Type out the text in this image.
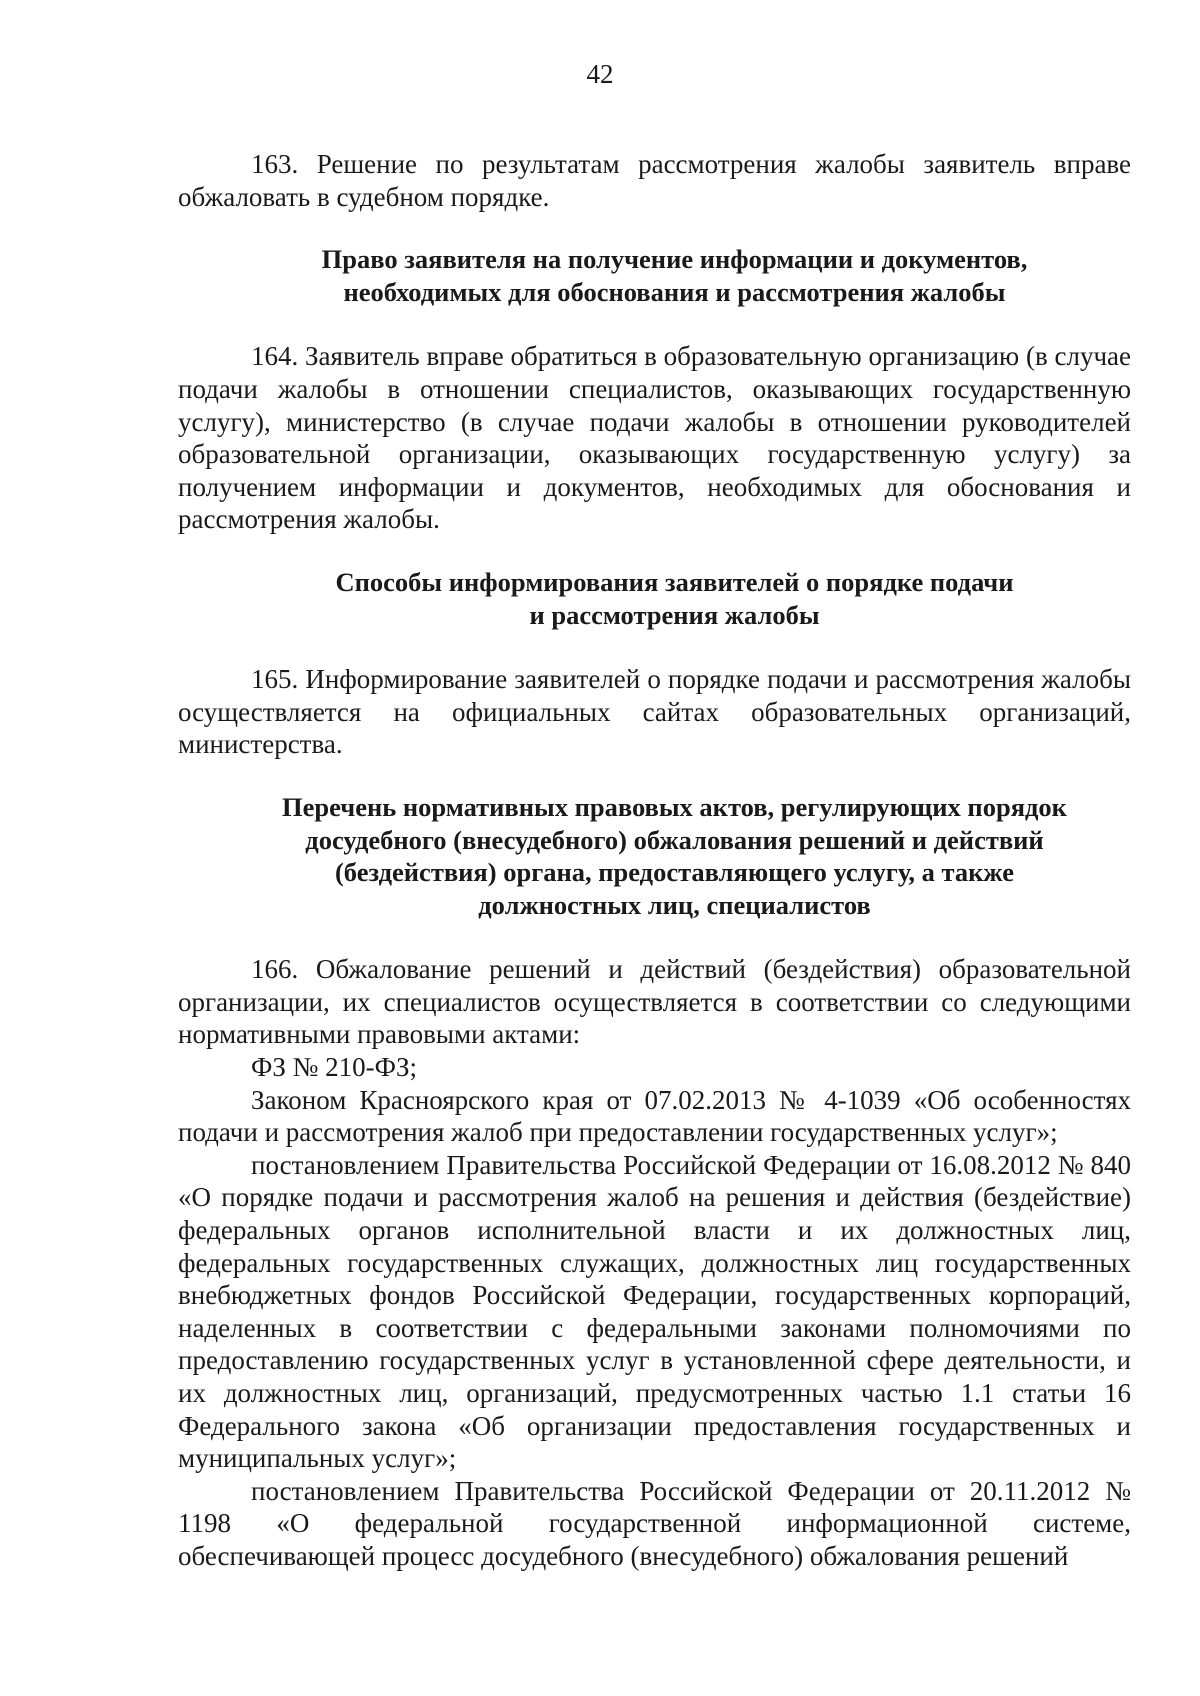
42

163. Решение по результатам рассмотрения жалобы заявитель вправе обжаловать в судебном порядке.

Право заявителя на получение информации и документов,
необходимых для обоснования и рассмотрения жалобы

164. Заявитель вправе обратиться в образовательную организацию (в случае подачи жалобы в отношении специалистов, оказывающих государственную услугу), министерство (в случае подачи жалобы в отношении руководителей образовательной организации, оказывающих государственную услугу) за получением информации и документов, необходимых для обоснования и рассмотрения жалобы.

Способы информирования заявителей о порядке подачи
и рассмотрения жалобы

165. Информирование заявителей о порядке подачи и рассмотрения жалобы осуществляется на официальных сайтах образовательных организаций, министерства.

Перечень нормативных правовых актов, регулирующих порядок
досудебного (внесудебного) обжалования решений и действий
(бездействия) органа, предоставляющего услугу, а также
должностных лиц, специалистов

166. Обжалование решений и действий (бездействия) образовательной организации, их специалистов осуществляется в соответствии со следующими нормативными правовыми актами:

ФЗ № 210-ФЗ;

Законом Красноярского края от 07.02.2013 № 4-1039 «Об особенностях подачи и рассмотрения жалоб при предоставлении государственных услуг»;

постановлением Правительства Российской Федерации от 16.08.2012 № 840 «О порядке подачи и рассмотрения жалоб на решения и действия (бездействие) федеральных органов исполнительной власти и их должностных лиц, федеральных государственных служащих, должностных лиц государственных внебюджетных фондов Российской Федерации, государственных корпораций, наделенных в соответствии с федеральными законами полномочиями по предоставлению государственных услуг в установленной сфере деятельности, и их должностных лиц, организаций, предусмотренных частью 1.1 статьи 16 Федерального закона «Об организации предоставления государственных и муниципальных услуг»;

постановлением Правительства Российской Федерации от 20.11.2012 № 1198 «О федеральной государственной информационной системе, обеспечивающей процесс досудебного (внесудебного) обжалования решений
